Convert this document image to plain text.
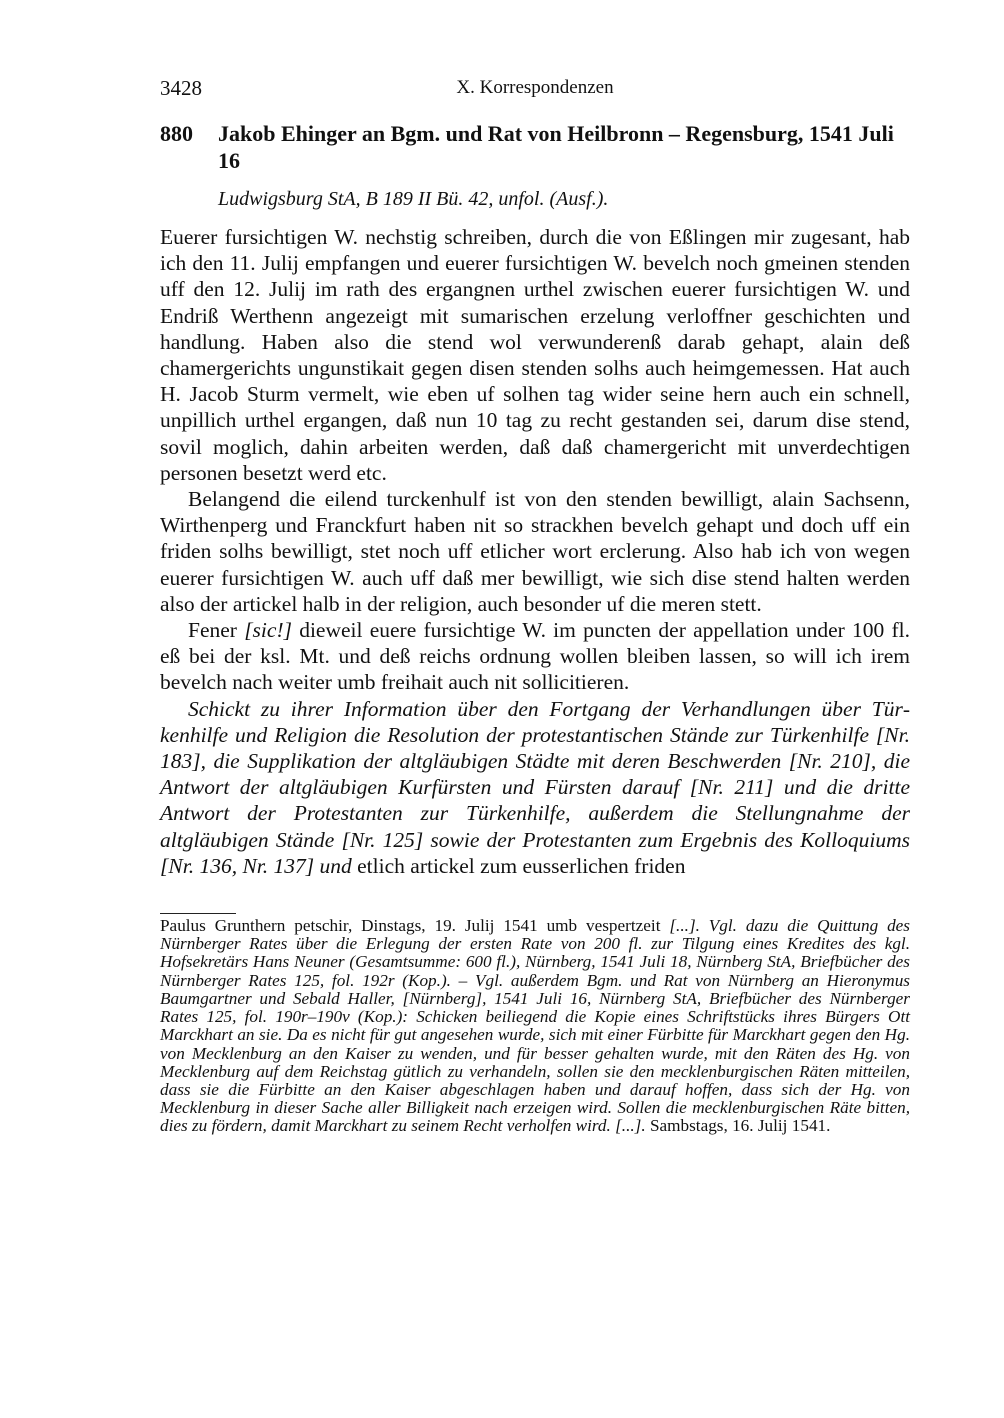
3428	X. Korrespondenzen
880 Jakob Ehinger an Bgm. und Rat von Heilbronn – Regensburg, 1541 Juli 16
Ludwigsburg StA, B 189 II Bü. 42, unfol. (Ausf.).

Euerer fursichtigen W. nechstig schreiben, durch die von Eßlingen mir zugesant, hab ich den 11. Julij empfangen und euerer fursichtigen W. bevelch noch gmeinen stenden uff den 12. Julij im rath des ergangnen urthel zwischen euerer fursichtigen W. und Endriß Werthenn angezeigt mit sumarischen erzelung verloffner geschichten und handlung. Haben also die stend wol verwunderenß darab gehapt, alain deß chamergerichts ungunstikait gegen disen stenden solhs auch heimgemessen. Hat auch H. Jacob Sturm vermelt, wie eben uf solhen tag wider seine hern auch ein schnell, unpillich urthel ergangen, daß nun 10 tag zu recht gestanden sei, darum dise stend, sovil moglich, dahin arbeiten werden, daß daß chamergericht mit unverdechtigen personen besetzt werd etc.

Belangend die eilend turckenhulf ist von den stenden bewilligt, alain Sachsenn, Wirthenperg und Franckfurt haben nit so strackhen bevelch gehapt und doch uff ein friden solhs bewilligt, stet noch uff etlicher wort erclerung. Also hab ich von wegen euerer fursichtigen W. auch uff daß mer bewilligt, wie sich dise stend halten werden also der artickel halb in der religion, auch besonder uf die meren stett.

Fener [sic!] dieweil euere fursichtige W. im puncten der appellation under 100 fl. eß bei der ksl. Mt. und deß reichs ordnung wollen bleiben lassen, so will ich irem bevelch nach weiter umb freihait auch nit sollicitieren.

Schickt zu ihrer Information über den Fortgang der Verhandlungen über Türkenhilfe und Religion die Resolution der protestantischen Stände zur Türkenhilfe [Nr. 183], die Supplikation der altgläubigen Städte mit deren Beschwerden [Nr. 210], die Antwort der altgläubigen Kurfürsten und Fürsten darauf [Nr. 211] und die dritte Antwort der Protestanten zur Türkenhilfe, außerdem die Stellungnahme der altgläubigen Stände [Nr. 125] sowie der Protestanten zum Ergebnis des Kolloquiums [Nr. 136, Nr. 137] und etlich artickel zum eusserlichen friden

Paulus Grunthern petschir, Dinstags, 19. Julij 1541 umb vespertzeit [...]. Vgl. dazu die Quittung des Nürnberger Rates über die Erlegung der ersten Rate von 200 fl. zur Tilgung eines Kredites des kgl. Hofsekretärs Hans Neuner (Gesamtsumme: 600 fl.), Nürnberg, 1541 Juli 18, Nürnberg StA, Briefbücher des Nürnberger Rates 125, fol. 192r (Kop.). – Vgl. außerdem Bgm. und Rat von Nürnberg an Hieronymus Baumgartner und Sebald Haller, [Nürnberg], 1541 Juli 16, Nürnberg StA, Briefbücher des Nürnberger Rates 125, fol. 190r–190v (Kop.): Schicken beiliegend die Kopie eines Schriftstücks ihres Bürgers Ott Marckhart an sie. Da es nicht für gut angesehen wurde, sich mit einer Fürbitte für Marckhart gegen den Hg. von Mecklenburg an den Kaiser zu wenden, und für besser gehalten wurde, mit den Räten des Hg. von Mecklenburg auf dem Reichstag gütlich zu verhandeln, sollen sie den mecklenburgischen Räten mitteilen, dass sie die Fürbitte an den Kaiser abgeschlagen haben und darauf hoffen, dass sich der Hg. von Mecklenburg in dieser Sache aller Billigkeit nach erzeigen wird. Sollen die mecklenburgischen Räte bitten, dies zu fördern, damit Marckhart zu seinem Recht verholfen wird. [...]. Sambstags, 16. Julij 1541.
